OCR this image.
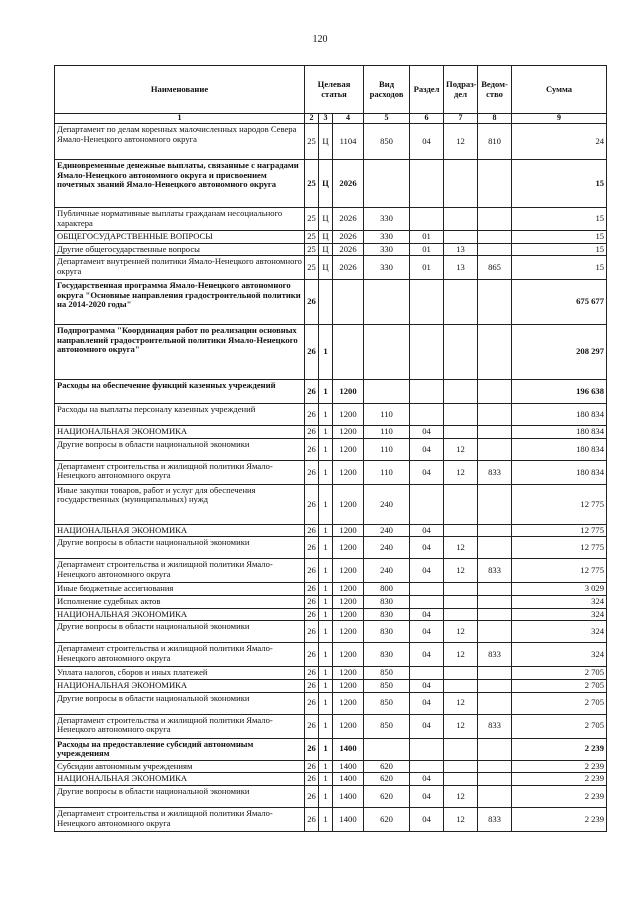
120
Наименование	Целевая статья			Вид расходов	Раздел	Подраз-дел	Ведом-ство	Сумма
1	2	3	4	5	6	7	8	9
Департамент по делам коренных малочисленных народов Севера Ямало-Ненецкого автономного округа	25	Ц	1104	850	04	12	810	24
Единовременные денежные выплаты, связанные с наградами Ямало-Ненецкого автономного округа и присвоением почетных званий Ямало-Ненецкого автономного округа	25	Ц	2026					15
Публичные нормативные выплаты гражданам несоциального характера	25	Ц	2026	330				15
ОБЩЕГОСУДАРСТВЕННЫЕ ВОПРОСЫ	25	Ц	2026	330	01			15
Другие общегосударственные вопросы	25	Ц	2026	330	01	13		15
Департамент внутренней политики Ямало-Ненецкого автономного округа	25	Ц	2026	330	01	13	865	15
Государственная программа Ямало-Ненецкого автономного округа "Основные направления градостроительной политики на 2014-2020 годы"	26							675 677
Подпрограмма "Координация работ по реализации основных направлений градостроительной политики Ямало-Ненецкого автономного округа"	26	1						208 297
Расходы на обеспечение функций казенных учреждений	26	1	1200					196 638
Расходы на выплаты персоналу казенных учреждений	26	1	1200	110				180 834
НАЦИОНАЛЬНАЯ ЭКОНОМИКА	26	1	1200	110	04			180 834
Другие вопросы в области национальной экономики	26	1	1200	110	04	12		180 834
Департамент строительства и жилищной политики Ямало-Ненецкого автономного округа	26	1	1200	110	04	12	833	180 834
Иные закупки товаров, работ и услуг для обеспечения государственных (муниципальных) нужд	26	1	1200	240				12 775
НАЦИОНАЛЬНАЯ ЭКОНОМИКА	26	1	1200	240	04			12 775
Другие вопросы в области национальной экономики	26	1	1200	240	04	12		12 775
Департамент строительства и жилищной политики Ямало-Ненецкого автономного округа	26	1	1200	240	04	12	833	12 775
Иные бюджетные ассигнования	26	1	1200	800				3 029
Исполнение судебных актов	26	1	1200	830				324
НАЦИОНАЛЬНАЯ ЭКОНОМИКА	26	1	1200	830	04			324
Другие вопросы в области национальной экономики	26	1	1200	830	04	12		324
Департамент строительства и жилищной политики Ямало-Ненецкого автономного округа	26	1	1200	830	04	12	833	324
Уплата налогов, сборов и иных платежей	26	1	1200	850				2 705
НАЦИОНАЛЬНАЯ ЭКОНОМИКА	26	1	1200	850	04			2 705
Другие вопросы в области национальной экономики	26	1	1200	850	04	12		2 705
Департамент строительства и жилищной политики Ямало-Ненецкого автономного округа	26	1	1200	850	04	12	833	2 705
Расходы на предоставление субсидий автономным учреждениям	26	1	1400					2 239
Субсидии автономным учреждениям	26	1	1400	620				2 239
НАЦИОНАЛЬНАЯ ЭКОНОМИКА	26	1	1400	620	04			2 239
Другие вопросы в области национальной экономики	26	1	1400	620	04	12		2 239
Департамент строительства и жилищной политики Ямало-Ненецкого автономного округа	26	1	1400	620	04	12	833	2 239
